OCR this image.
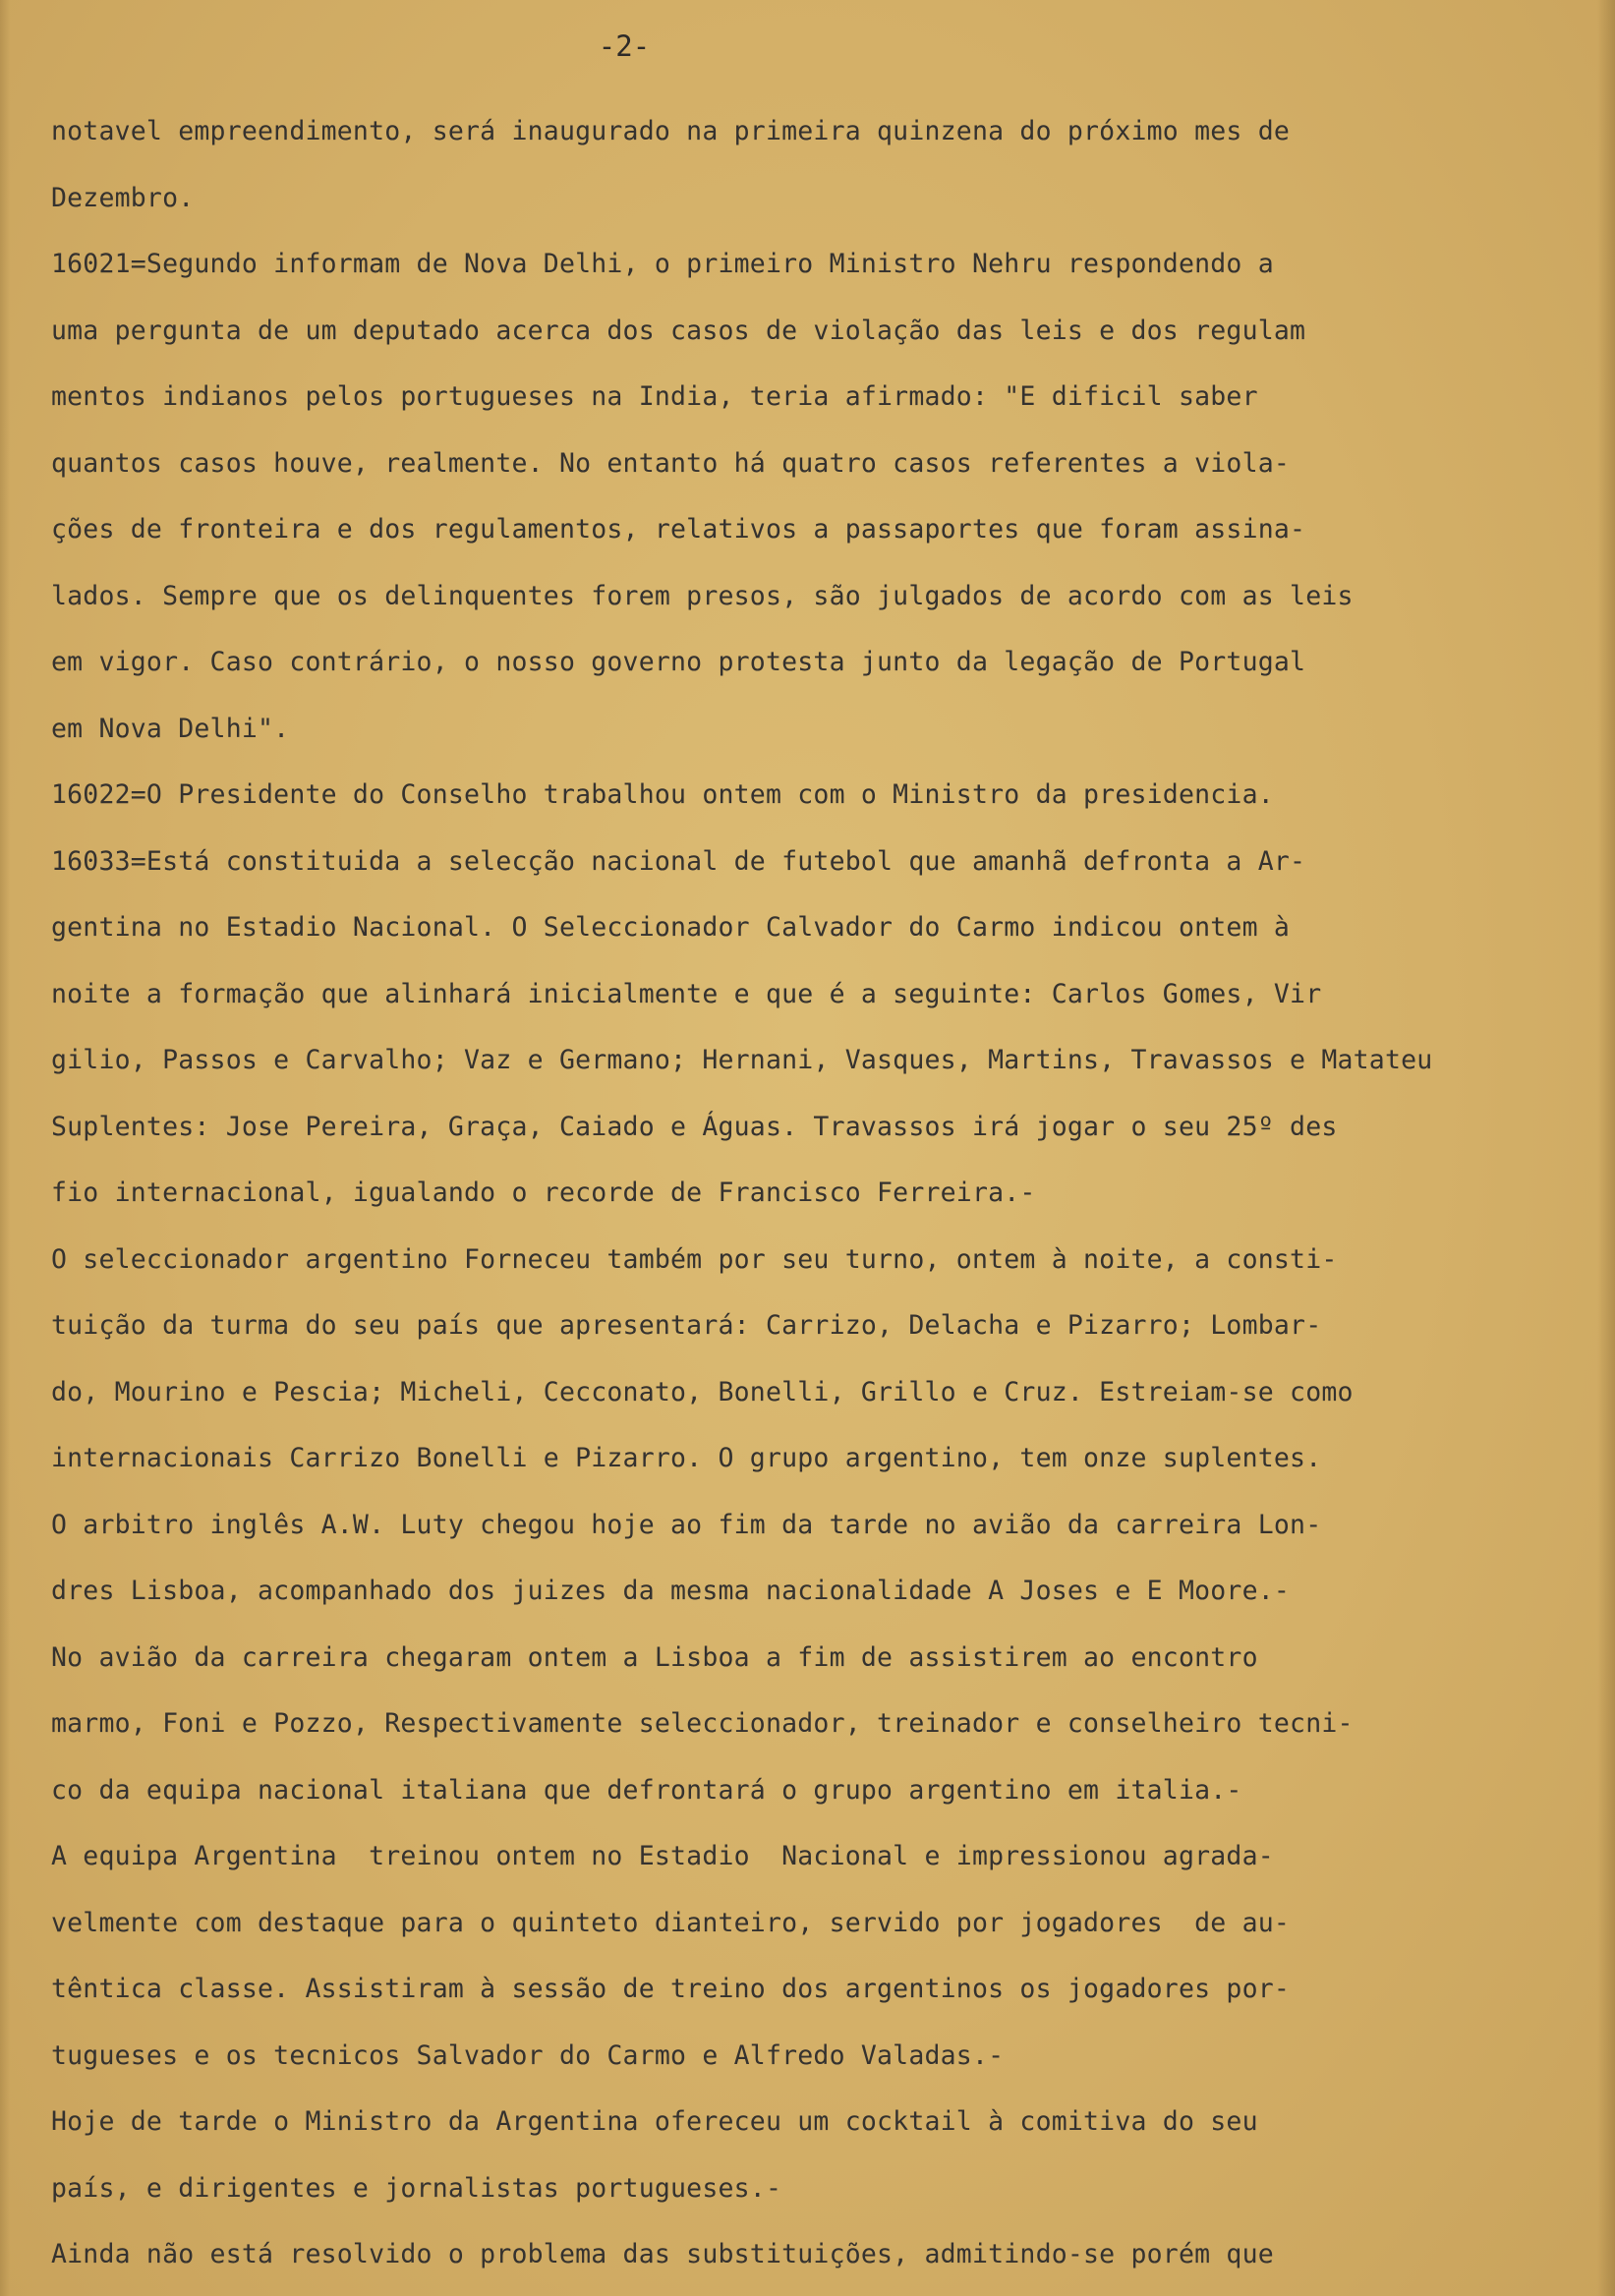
-2-
notavel empreendimento, será inaugurado na primeira quinzena do próximo mes de
Dezembro.
16021=Segundo informam de Nova Delhi, o primeiro Ministro Nehru respondendo a
uma pergunta de um deputado acerca dos casos de violação das leis e dos regulam
mentos indianos pelos portugueses na India, teria afirmado: "E dificil saber
quantos casos houve, realmente. No entanto há quatro casos referentes a viola-
ções de fronteira e dos regulamentos, relativos a passaportes que foram assina-
lados. Sempre que os delinquentes forem presos, são julgados de acordo com as leis
em vigor. Caso contrário, o nosso governo protesta junto da legação de Portugal
em Nova Delhi".
16022=O Presidente do Conselho trabalhou ontem com o Ministro da presidencia.
16033=Está constituida a selecção nacional de futebol que amanhã defronta a Ar-
gentina no Estadio Nacional. O Seleccionador Calvador do Carmo indicou ontem à
noite a formação que alinhará inicialmente e que é a seguinte: Carlos Gomes, Vir
gilio, Passos e Carvalho; Vaz e Germano; Hernani, Vasques, Martins, Travassos e Matateu
Suplentes: Jose Pereira, Graça, Caiado e Águas. Travassos irá jogar o seu 25º des
fio internacional, igualando o recorde de Francisco Ferreira.-
O seleccionador argentino Forneceu também por seu turno, ontem à noite, a consti-
tuição da turma do seu país que apresentará: Carrizo, Delacha e Pizarro; Lombar-
do, Mourino e Pescia; Micheli, Cecconato, Bonelli, Grillo e Cruz. Estreiam-se como
internacionais Carrizo Bonelli e Pizarro. O grupo argentino, tem onze suplentes.
O arbitro inglês A.W. Luty chegou hoje ao fim da tarde no avião da carreira Lon-
dres Lisboa, acompanhado dos juizes da mesma nacionalidade A Joses e E Moore.-
No avião da carreira chegaram ontem a Lisboa a fim de assistirem ao encontro
marmo, Foni e Pozzo, Respectivamente seleccionador, treinador e conselheiro tecni-
co da equipa nacional italiana que defrontará o grupo argentino em italia.-
A equipa Argentina  treinou ontem no Estadio  Nacional e impressionou agrada-
velmente com destaque para o quinteto dianteiro, servido por jogadores  de au-
têntica classe. Assistiram à sessão de treino dos argentinos os jogadores por-
tugueses e os tecnicos Salvador do Carmo e Alfredo Valadas.-
Hoje de tarde o Ministro da Argentina ofereceu um cocktail à comitiva do seu
país, e dirigentes e jornalistas portugueses.-
Ainda não está resolvido o problema das substituições, admitindo-se porém que
